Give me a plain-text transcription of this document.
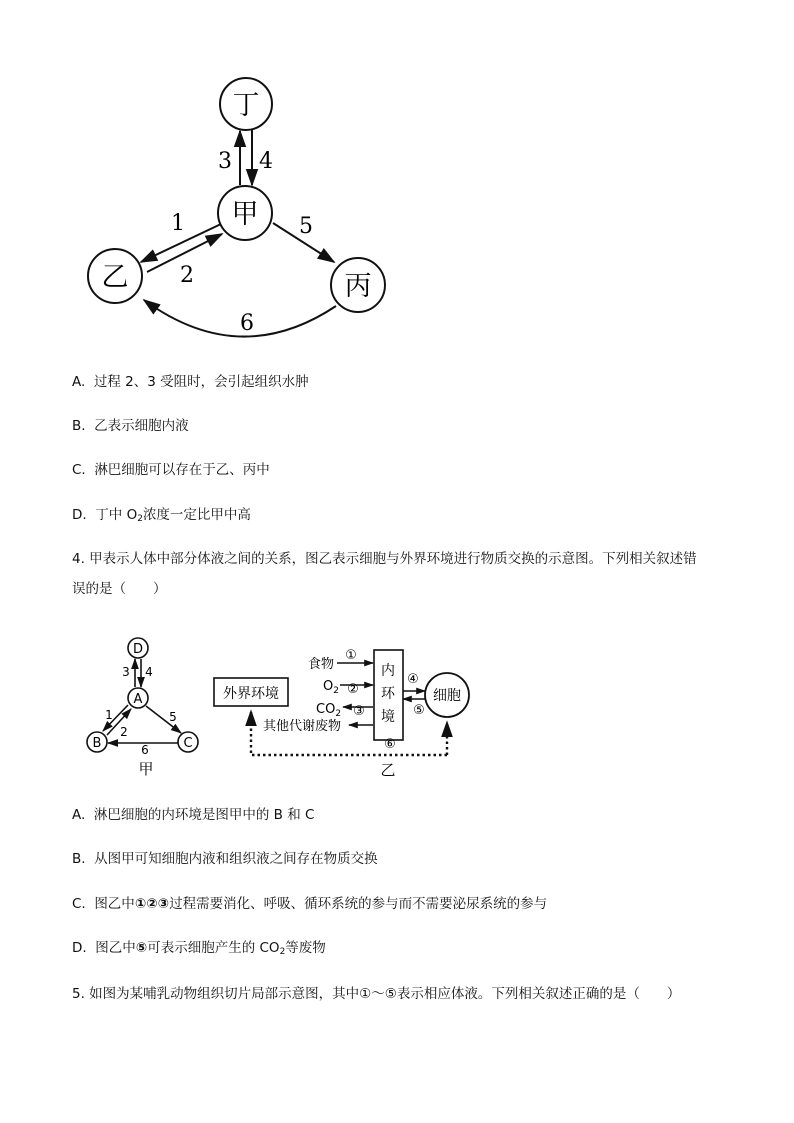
丁
甲
乙	丙
3 4
1
2
5
6
A. 过程 2、3 受阻时，会引起组织水肿
B. 乙表示细胞内液
C. 淋巴细胞可以存在于乙、丙中
D. 丁中 $O_2$浓度一定比甲中高
4. 甲表示人体中部分体液之间的关系，图乙表示细胞与外界环境进行物质交换的示意图。下列相关叙述错
误的是（　　）
D
A
B	C
3 4
1
2
5
6
甲
外界环境
内
环
境
细胞
食物
①
$O_2$ ②
$CO_2$ ③
其他代谢废物
④
⑤
⑥
乙
A. 淋巴细胞的内环境是图甲中的 B 和 C
B. 从图甲可知细胞内液和组织液之间存在物质交换
C. 图乙中①②③过程需要消化、呼吸、循环系统的参与而不需要泌尿系统的参与
D. 图乙中⑤可表示细胞产生的 $CO_2$等废物
5. 如图为某哺乳动物组织切片局部示意图，其中①～⑤表示相应体液。下列相关叙述正确的是（　　）
